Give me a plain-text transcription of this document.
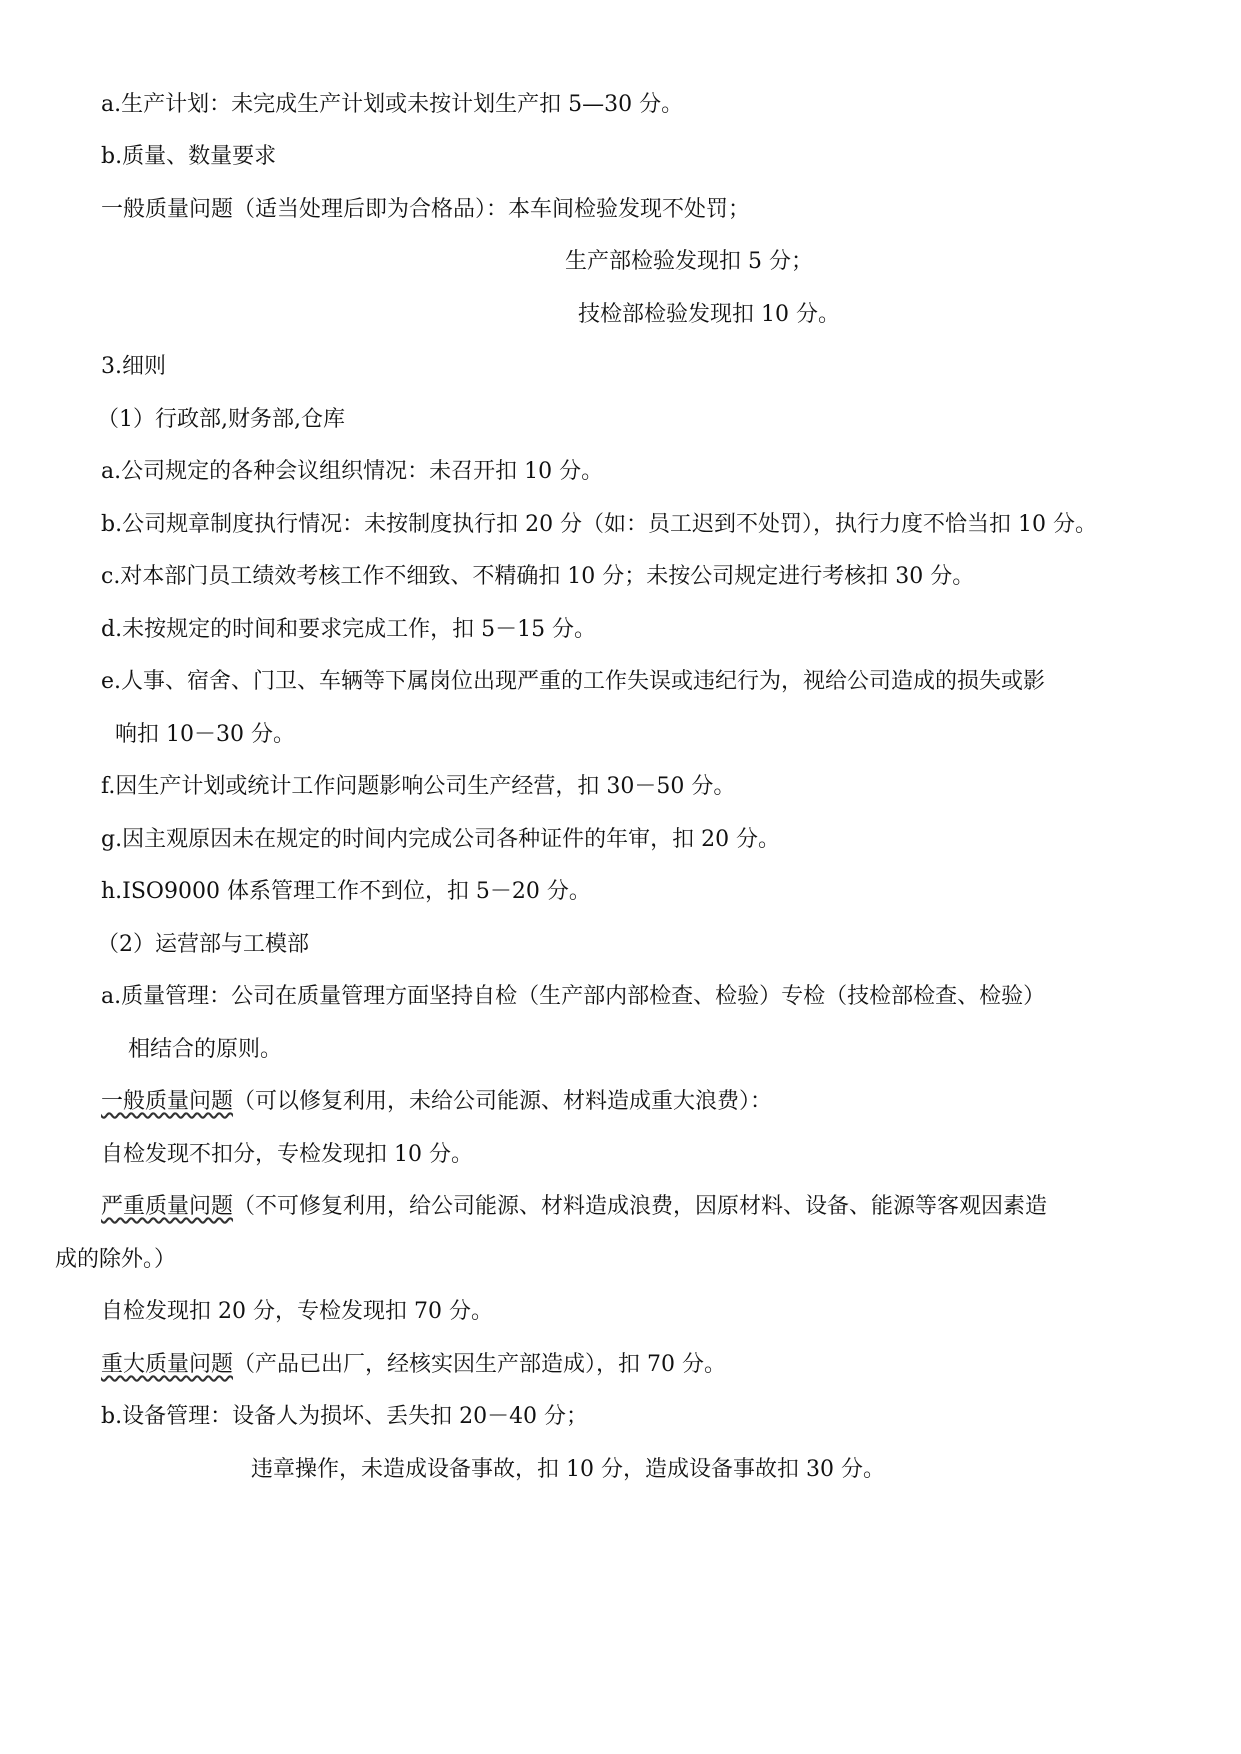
a.生产计划：未完成生产计划或未按计划生产扣 5—30 分。
b.质量、数量要求
一般质量问题（适当处理后即为合格品）：本车间检验发现不处罚；
生产部检验发现扣 5 分；
技检部检验发现扣 10 分。
3.细则
（1）行政部,财务部,仓库
a.公司规定的各种会议组织情况：未召开扣 10 分。
b.公司规章制度执行情况：未按制度执行扣 20 分（如：员工迟到不处罚），执行力度不恰当扣 10 分。
c.对本部门员工绩效考核工作不细致、不精确扣 10 分；未按公司规定进行考核扣 30 分。
d.未按规定的时间和要求完成工作，扣 5－15 分。
e.人事、宿舍、门卫、车辆等下属岗位出现严重的工作失误或违纪行为，视给公司造成的损失或影
响扣 10－30 分。
f.因生产计划或统计工作问题影响公司生产经营，扣 30－50 分。
g.因主观原因未在规定的时间内完成公司各种证件的年审，扣 20 分。
h.ISO9000 体系管理工作不到位，扣 5－20 分。
（2）运营部与工模部
a.质量管理：公司在质量管理方面坚持自检（生产部内部检查、检验）专检（技检部检查、检验）
相结合的原则。
一般质量问题（可以修复利用，未给公司能源、材料造成重大浪费）：
自检发现不扣分，专检发现扣 10 分。
严重质量问题（不可修复利用，给公司能源、材料造成浪费，因原材料、设备、能源等客观因素造
成的除外。）
自检发现扣 20 分，专检发现扣 70 分。
重大质量问题（产品已出厂，经核实因生产部造成），扣 70 分。
b.设备管理：设备人为损坏、丢失扣 20－40 分；
违章操作，未造成设备事故，扣 10 分，造成设备事故扣 30 分。
